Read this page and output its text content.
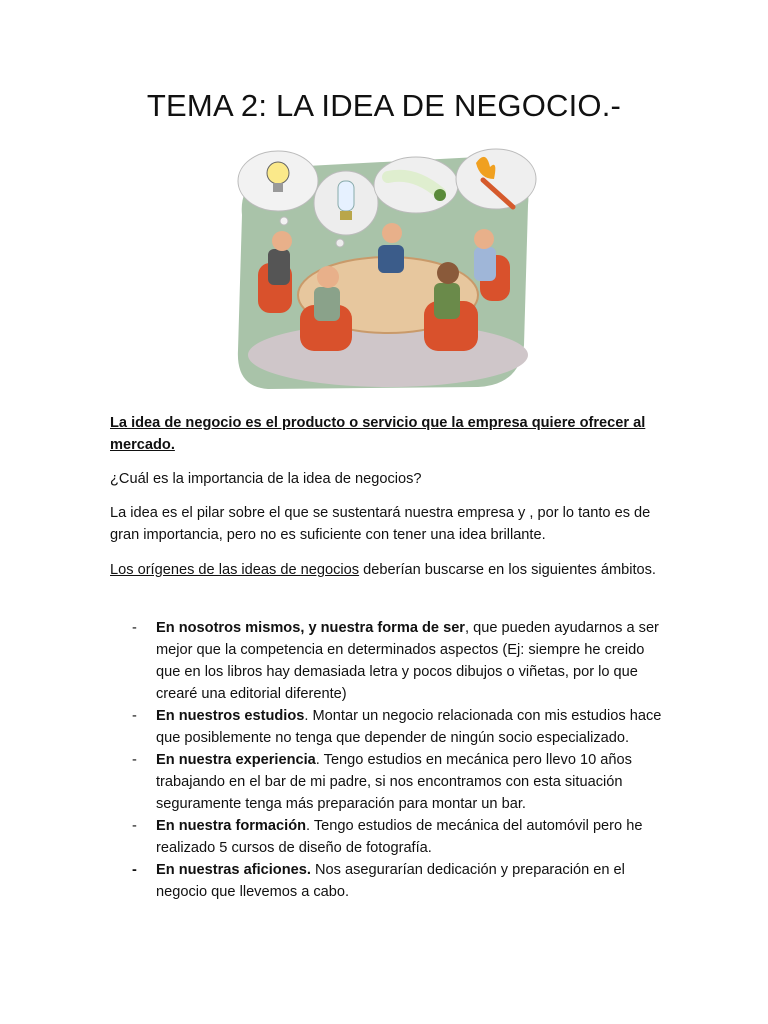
TEMA 2: LA IDEA DE NEGOCIO.-
La idea de negocio es el producto o servicio que la empresa quiere ofrecer al mercado.
¿Cuál es la importancia de la idea de negocios?
La idea es el pilar sobre el que se sustentará nuestra empresa y , por lo tanto es de gran importancia, pero no es suficiente con tener una idea brillante.
Los orígenes de las ideas de negocios deberían buscarse en los siguientes ámbitos.
- En nosotros mismos, y nuestra forma de ser, que pueden ayudarnos a ser mejor que la competencia en determinados aspectos (Ej: siempre he creido que en los libros hay demasiada letra y pocos dibujos o viñetas, por lo que crearé una editorial diferente)
- En nuestros estudios. Montar un negocio relacionada con mis estudios hace que posiblemente no tenga que depender de ningún socio especializado.
- En nuestra experiencia. Tengo estudios en mecánica pero llevo 10 años trabajando en el bar de mi padre, si nos encontramos con esta situación seguramente tenga más preparación para montar un bar.
- En nuestra formación. Tengo estudios de mecánica del automóvil pero he realizado 5 cursos de diseño de fotografía.
- En nuestras aficiones. Nos asegurarían dedicación y preparación en el negocio que llevemos a cabo.
